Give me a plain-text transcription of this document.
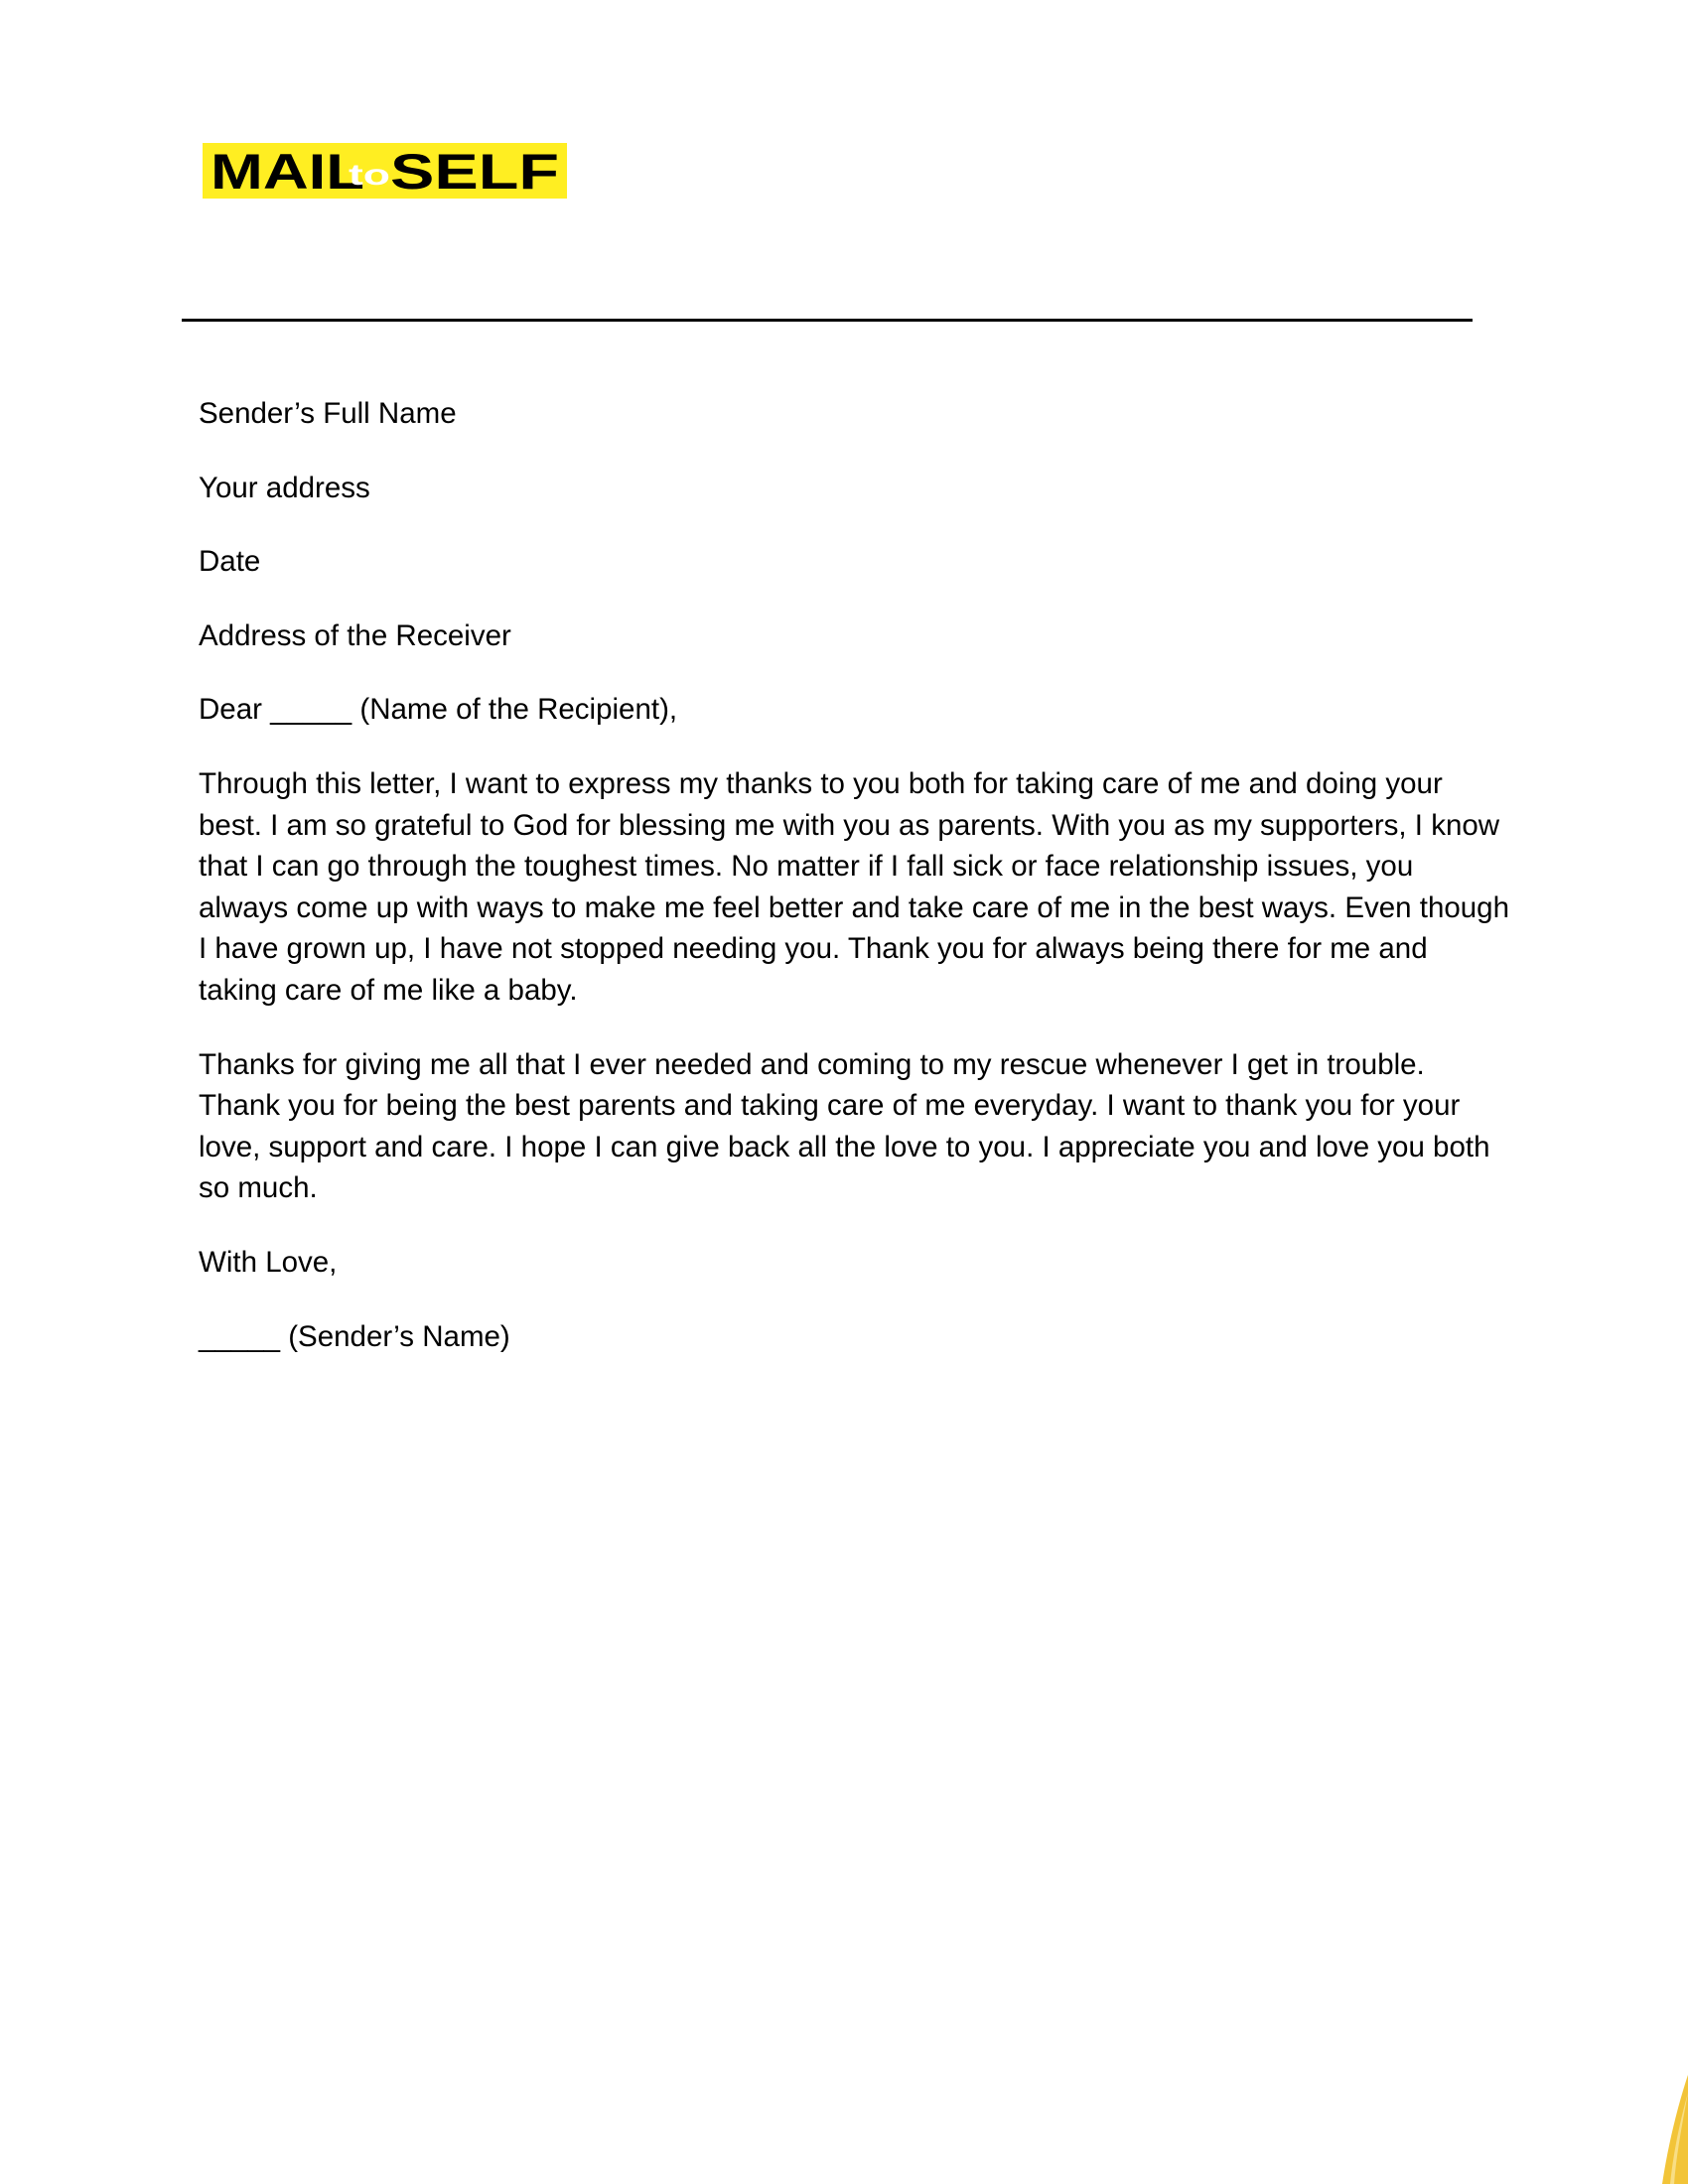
MAIL
to SELF

Sender’s Full Name

Your address

Date

Address of the Receiver

Dear _____ (Name of the Recipient),

Through this letter, I want to express my thanks to you both for taking care of me and doing your best. I am so grateful to God for blessing me with you as parents. With you as my supporters, I know that I can go through the toughest times. No matter if I fall sick or face relationship issues, you always come up with ways to make me feel better and take care of me in the best ways. Even though I have grown up, I have not stopped needing you. Thank you for always being there for me and taking care of me like a baby.

Thanks for giving me all that I ever needed and coming to my rescue whenever I get in trouble. Thank you for being the best parents and taking care of me everyday. I want to thank you for your love, support and care. I hope I can give back all the love to you. I appreciate you and love you both so much.

With Love,

_____ (Sender’s Name)
